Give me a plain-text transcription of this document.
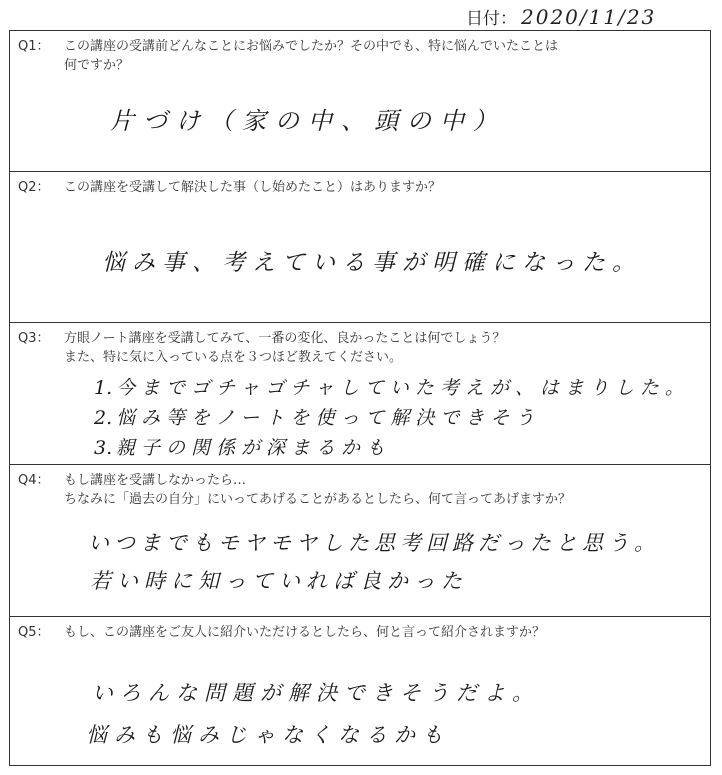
日付： 2020/11/23
Q1： この講座の受講前どんなことにお悩みでしたか？その中でも、特に悩んでいたことは
何ですか？
片づけ（家の中、頭の中）
Q2： この講座を受講して解決した事（し始めたこと）はありますか？
悩み事、考えている事が明確になった。
Q3： 方眼ノート講座を受講してみて、一番の変化、良かったことは何でしょう？
また、特に気に入っている点を３つほど教えてください。
1. 今までゴチャゴチャしていた考えが、はまりした。
2. 悩み等をノートを使って解決できそう
3. 親子の関係が深まるかも
Q4： もし講座を受講しなかったら…
ちなみに「過去の自分」にいってあげることがあるとしたら、何て言ってあげますか？
いつまでもモヤモヤした思考回路だったと思う。
若い時に知っていれば良かった
Q5： もし、この講座をご友人に紹介いただけるとしたら、何と言って紹介されますか？
いろんな問題が解決できそうだよ。
悩みも悩みじゃなくなるかも
